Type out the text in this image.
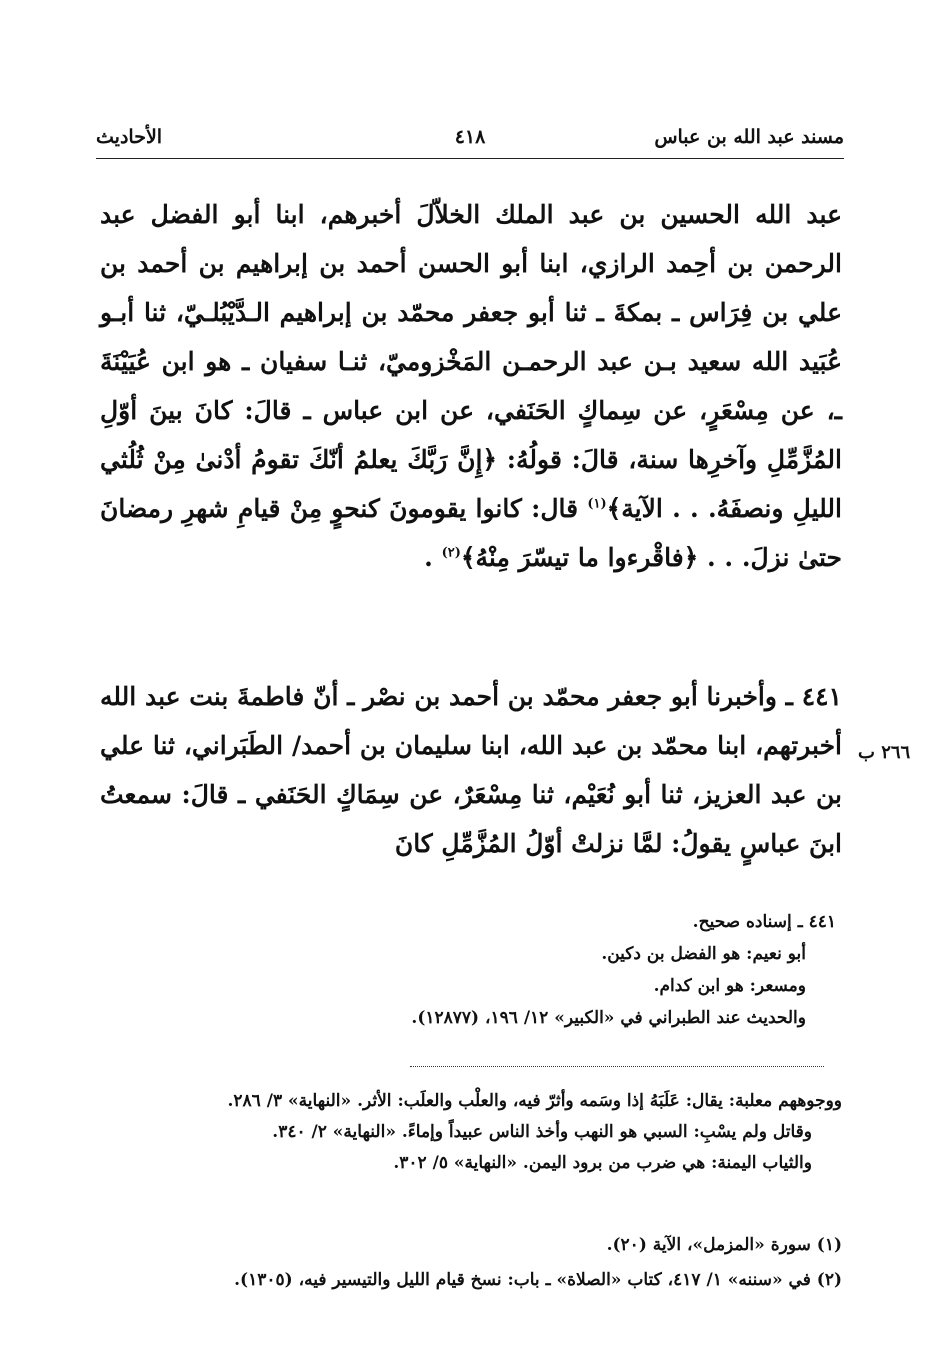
مسند عبد الله بن عباس
٤١٨
الأحاديث

عبد الله الحسين بن عبد الملك الخلاّلَ أخبرهم، ابنا أبو الفضل عبد الرحمن بن أحِمد الرازي، ابنا أبو الحسن أحمد بن إبراهيم بن أحمد بن علي بن فِرَاس ـ بمكةَ ـ ثنا أبو جعفر محمّد بن إبراهيم الـدَّيْبُلـيّ، ثنا أبـو عُبَيد الله سعيد بـن عبد الرحمـن المَخْزوميّ، ثنـا سفيان ـ هو ابن عُيَيْنَةَ ـ، عن مِسْعَرٍ، عن سِماكٍ الحَنَفي، عن ابن عباس ـ قالَ: كانَ بينَ أوّلِ المُزَّمِّلِ وآخرِها سنة، قالَ: قولُهُ: ﴿إِنَّ رَبَّكَ يعلمُ أنّكَ تقومُ أدْنىٰ مِنْ ثُلُثي الليلِ ونصفَهُ. . . الآية﴾$^{(١)}$ قال: كانوا يقومونَ كنحوٍ مِنْ قيامِ شهرِ رمضانَ حتىٰ نزلَ. . . ﴿فاقْرءوا ما تيسّرَ مِنْهُ﴾$^{(٢)}$ .

٤٤١ ـ وأخبرنا أبو جعفر محمّد بن أحمد بن نصْر ـ أنّ فاطمةَ بنت عبد الله أخبرتهم، ابنا محمّد بن عبد الله، ابنا سليمان بن أحمد/ الطَبَراني، ثنا علي بن عبد العزيز، ثنا أبو نُعَيْم، ثنا مِسْعَرٌ، عن سِمَاكٍ الحَنَفي ـ قالَ: سمعتُ ابنَ عباسٍ يقولُ: لمَّا نزلتْ أوّلُ المُزَّمِّلِ كانَ

٢٦٦ ب

٤٤١ ـ إسناده صحيح.

أبو نعيم: هو الفضل بن دكين.

ومسعر: هو ابن كدام.

والحديث عند الطبراني في «الكبير» ١٢/ ١٩٦، (١٢٨٧٧).

ووجوههم معلبة: يقال: عَلَبَهُ إذا وسَمه وأثرّ فيه، والعلْب والعلَب: الأثر. «النهاية» ٣/ ٢٨٦.

وقاتل ولم يسْبِ: السبي هو النهب وأخذ الناس عبيداً وإماءً. «النهاية» ٢/ ٣٤٠.

والثياب اليمنة: هي ضرب من برود اليمن. «النهاية» ٥/ ٣٠٢.

(١) سورة «المزمل»، الآية (٢٠).

(٢) في «سننه» ١/ ٤١٧، كتاب «الصلاة» ـ باب: نسخ قيام الليل والتيسير فيه، (١٣٠٥).
